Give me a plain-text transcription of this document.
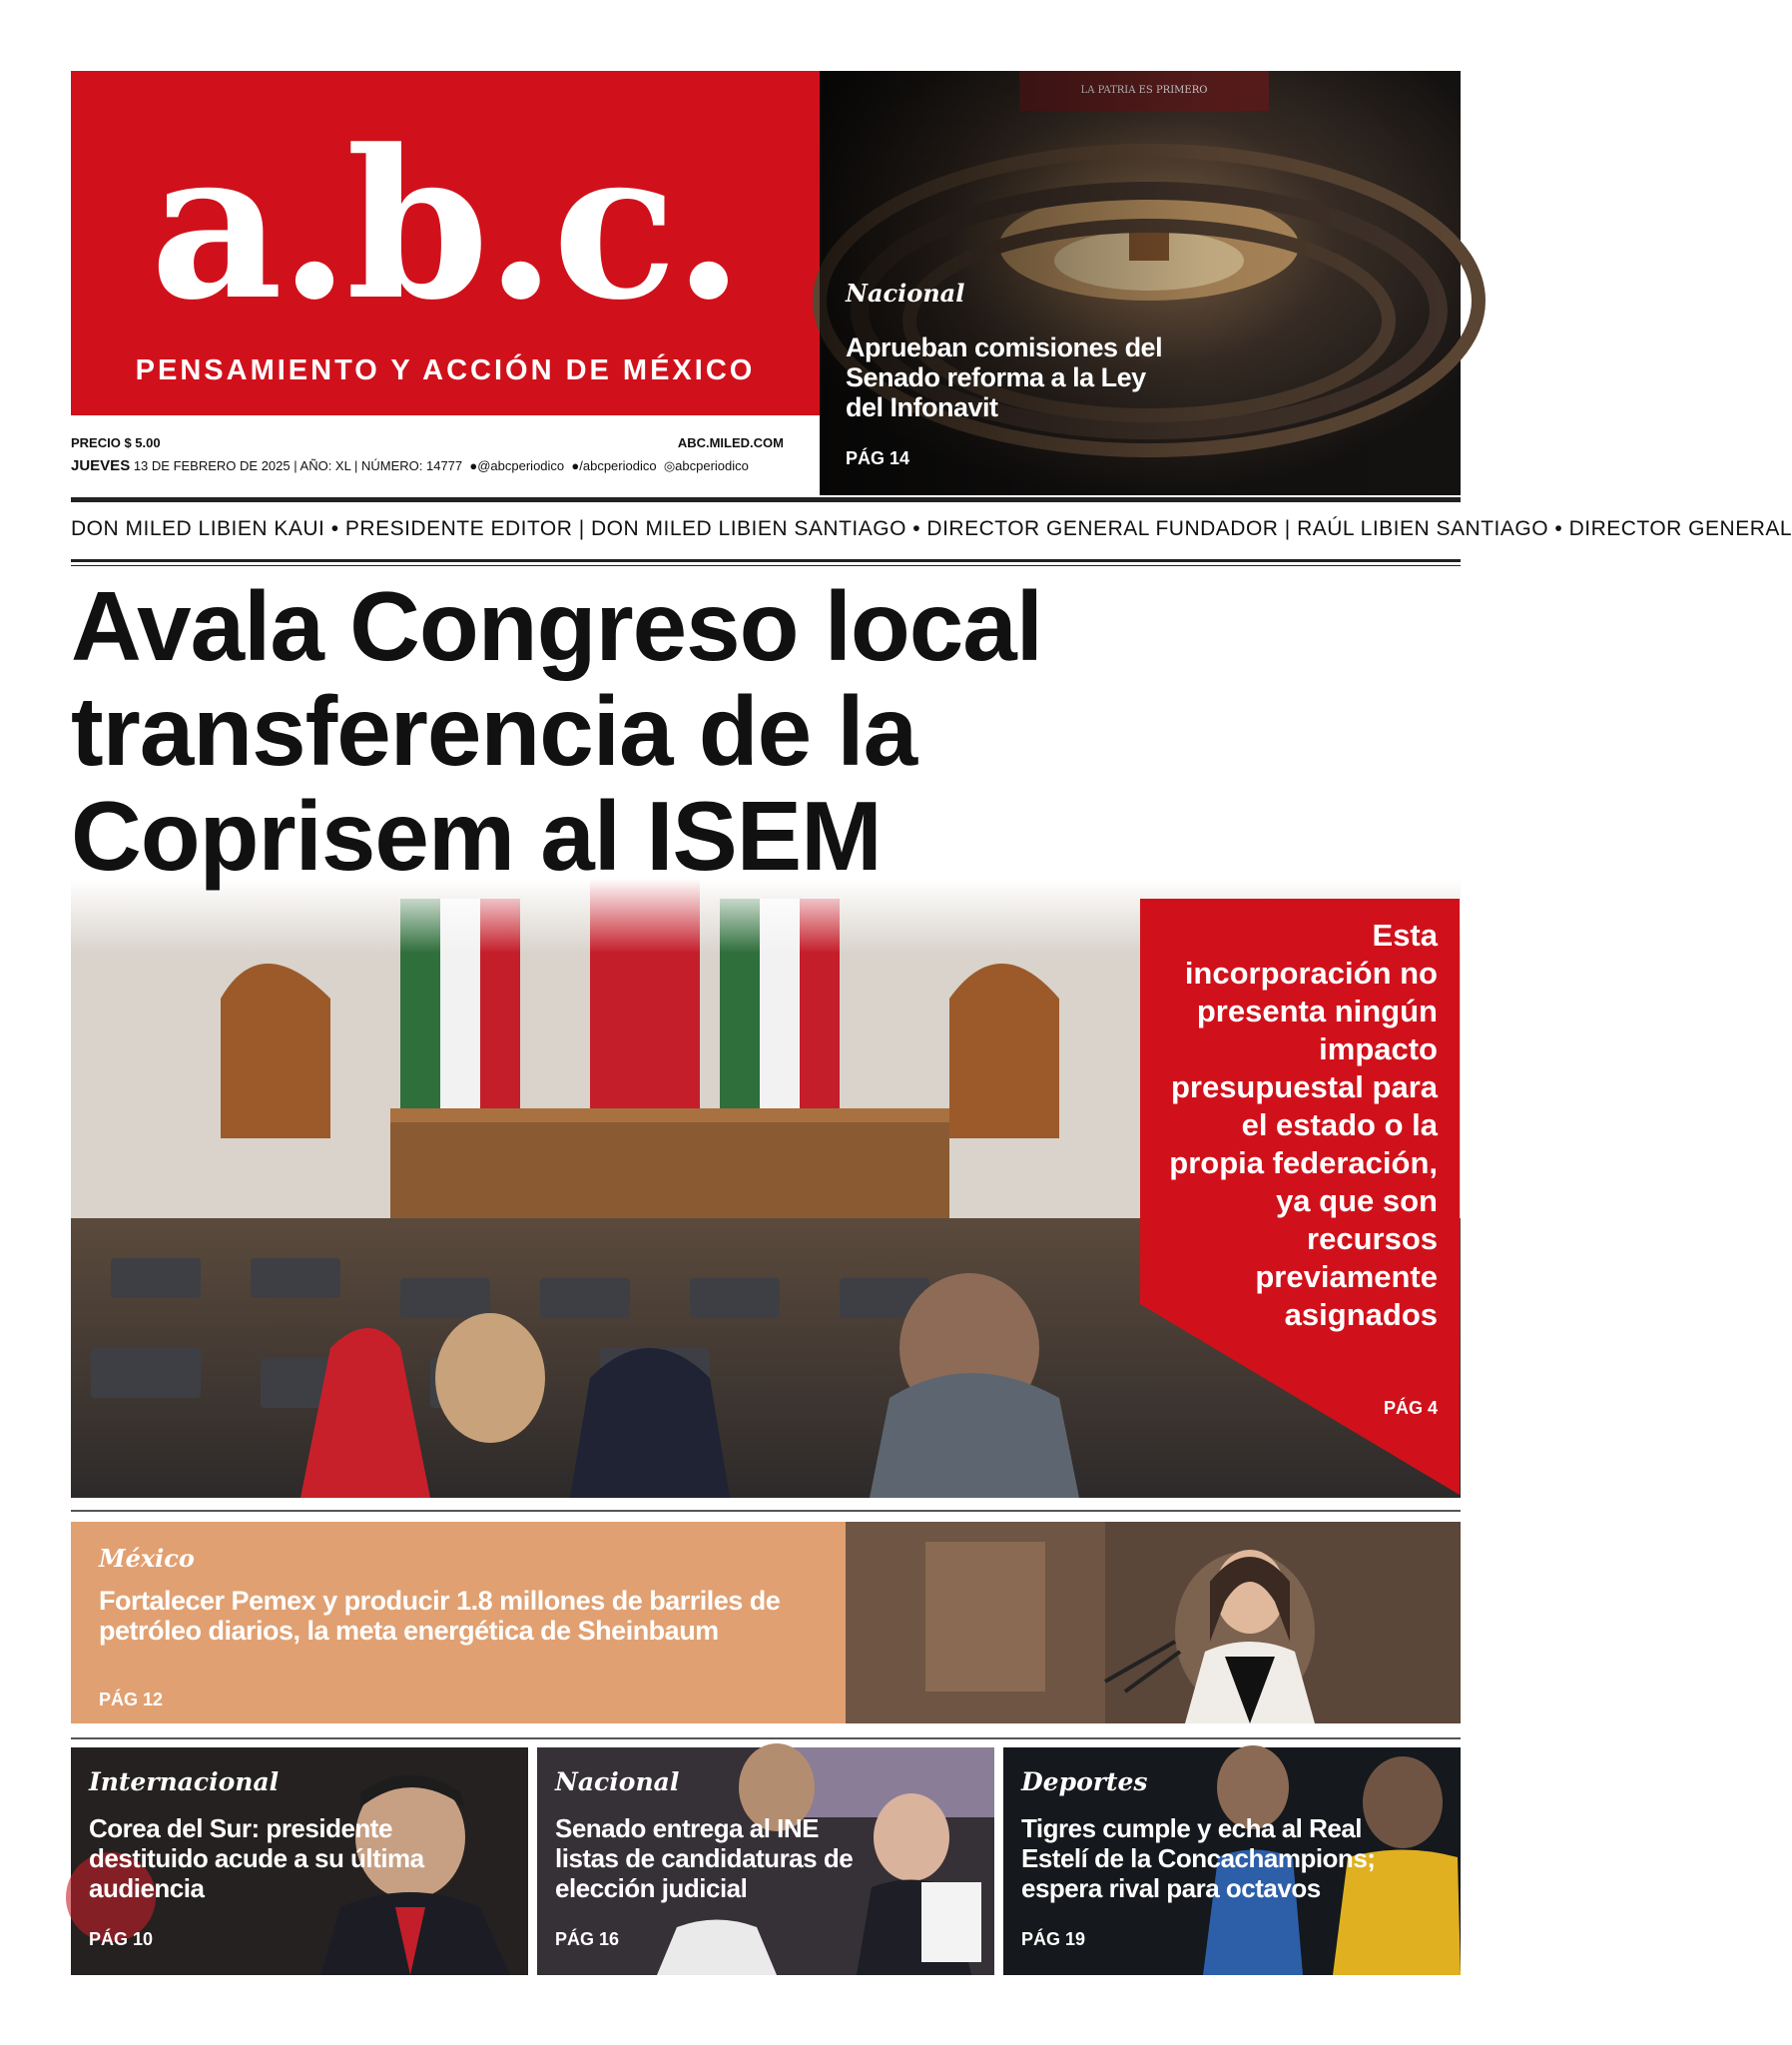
a.b.c.
PENSAMIENTO Y ACCIÓN DE MÉXICO
PRECIO $ 5.00	ABC.MILED.COM
JUEVES 13 DE FEBRERO DE 2025 | AÑO: XL | NÚMERO: 14777  ●@abcperiodico  ●/abcperiodico  ◎abcperiodico
Nacional
Aprueban comisiones del Senado reforma a la Ley del Infonavit
PÁG 14
DON MILED LIBIEN KAUI • PRESIDENTE EDITOR | DON MILED LIBIEN SANTIAGO • DIRECTOR GENERAL FUNDADOR | RAÚL LIBIEN SANTIAGO • DIRECTOR GENERAL
Avala Congreso local transferencia de la Coprisem al ISEM
Esta incorporación no presenta ningún impacto presupuestal para el estado o la propia federación, ya que son recursos previamente asignados
PÁG 4
México
Fortalecer Pemex y producir 1.8 millones de barriles de petróleo diarios, la meta energética de Sheinbaum
PÁG 12
Internacional
Corea del Sur: presidente destituido acude a su última audiencia
PÁG 10
Nacional
Senado entrega al INE listas de candidaturas de elección judicial
PÁG 16
Deportes
Tigres cumple y echa al Real Estelí de la Concachampions; espera rival para octavos
PÁG 19
